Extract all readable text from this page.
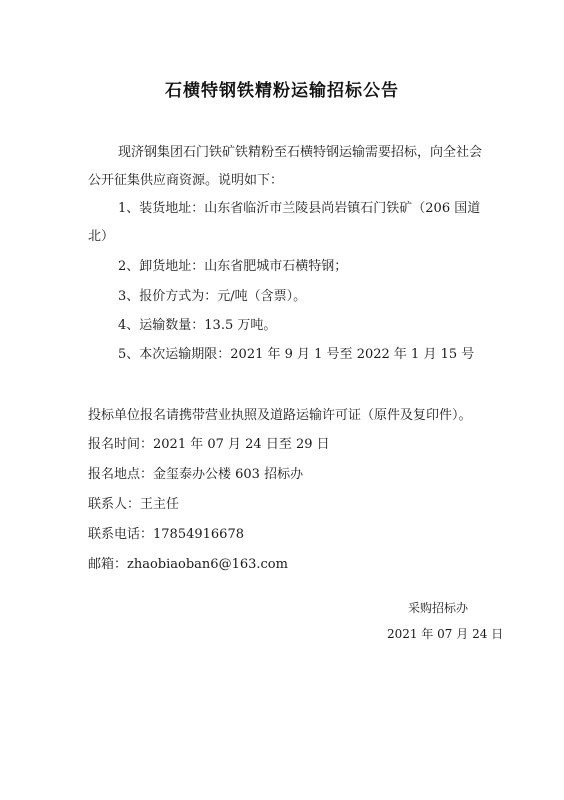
石横特钢铁精粉运输招标公告
现济钢集团石门铁矿铁精粉至石横特钢运输需要招标，向全社会
公开征集供应商资源。说明如下：
1、装货地址：山东省临沂市兰陵县尚岩镇石门铁矿（206 国道
北）
2、卸货地址：山东省肥城市石横特钢；
3、报价方式为：元/吨（含票）。
4、运输数量：13.5 万吨。
5、本次运输期限：2021 年 9 月 1 号至 2022 年 1 月 15 号
投标单位报名请携带营业执照及道路运输许可证（原件及复印件）。
报名时间：2021 年 07 月 24 日至 29 日
报名地点：金玺泰办公楼 603 招标办
联系人：王主任
联系电话：17854916678
邮箱：zhaobiaoban6@163.com
采购招标办
2021 年 07 月 24 日
